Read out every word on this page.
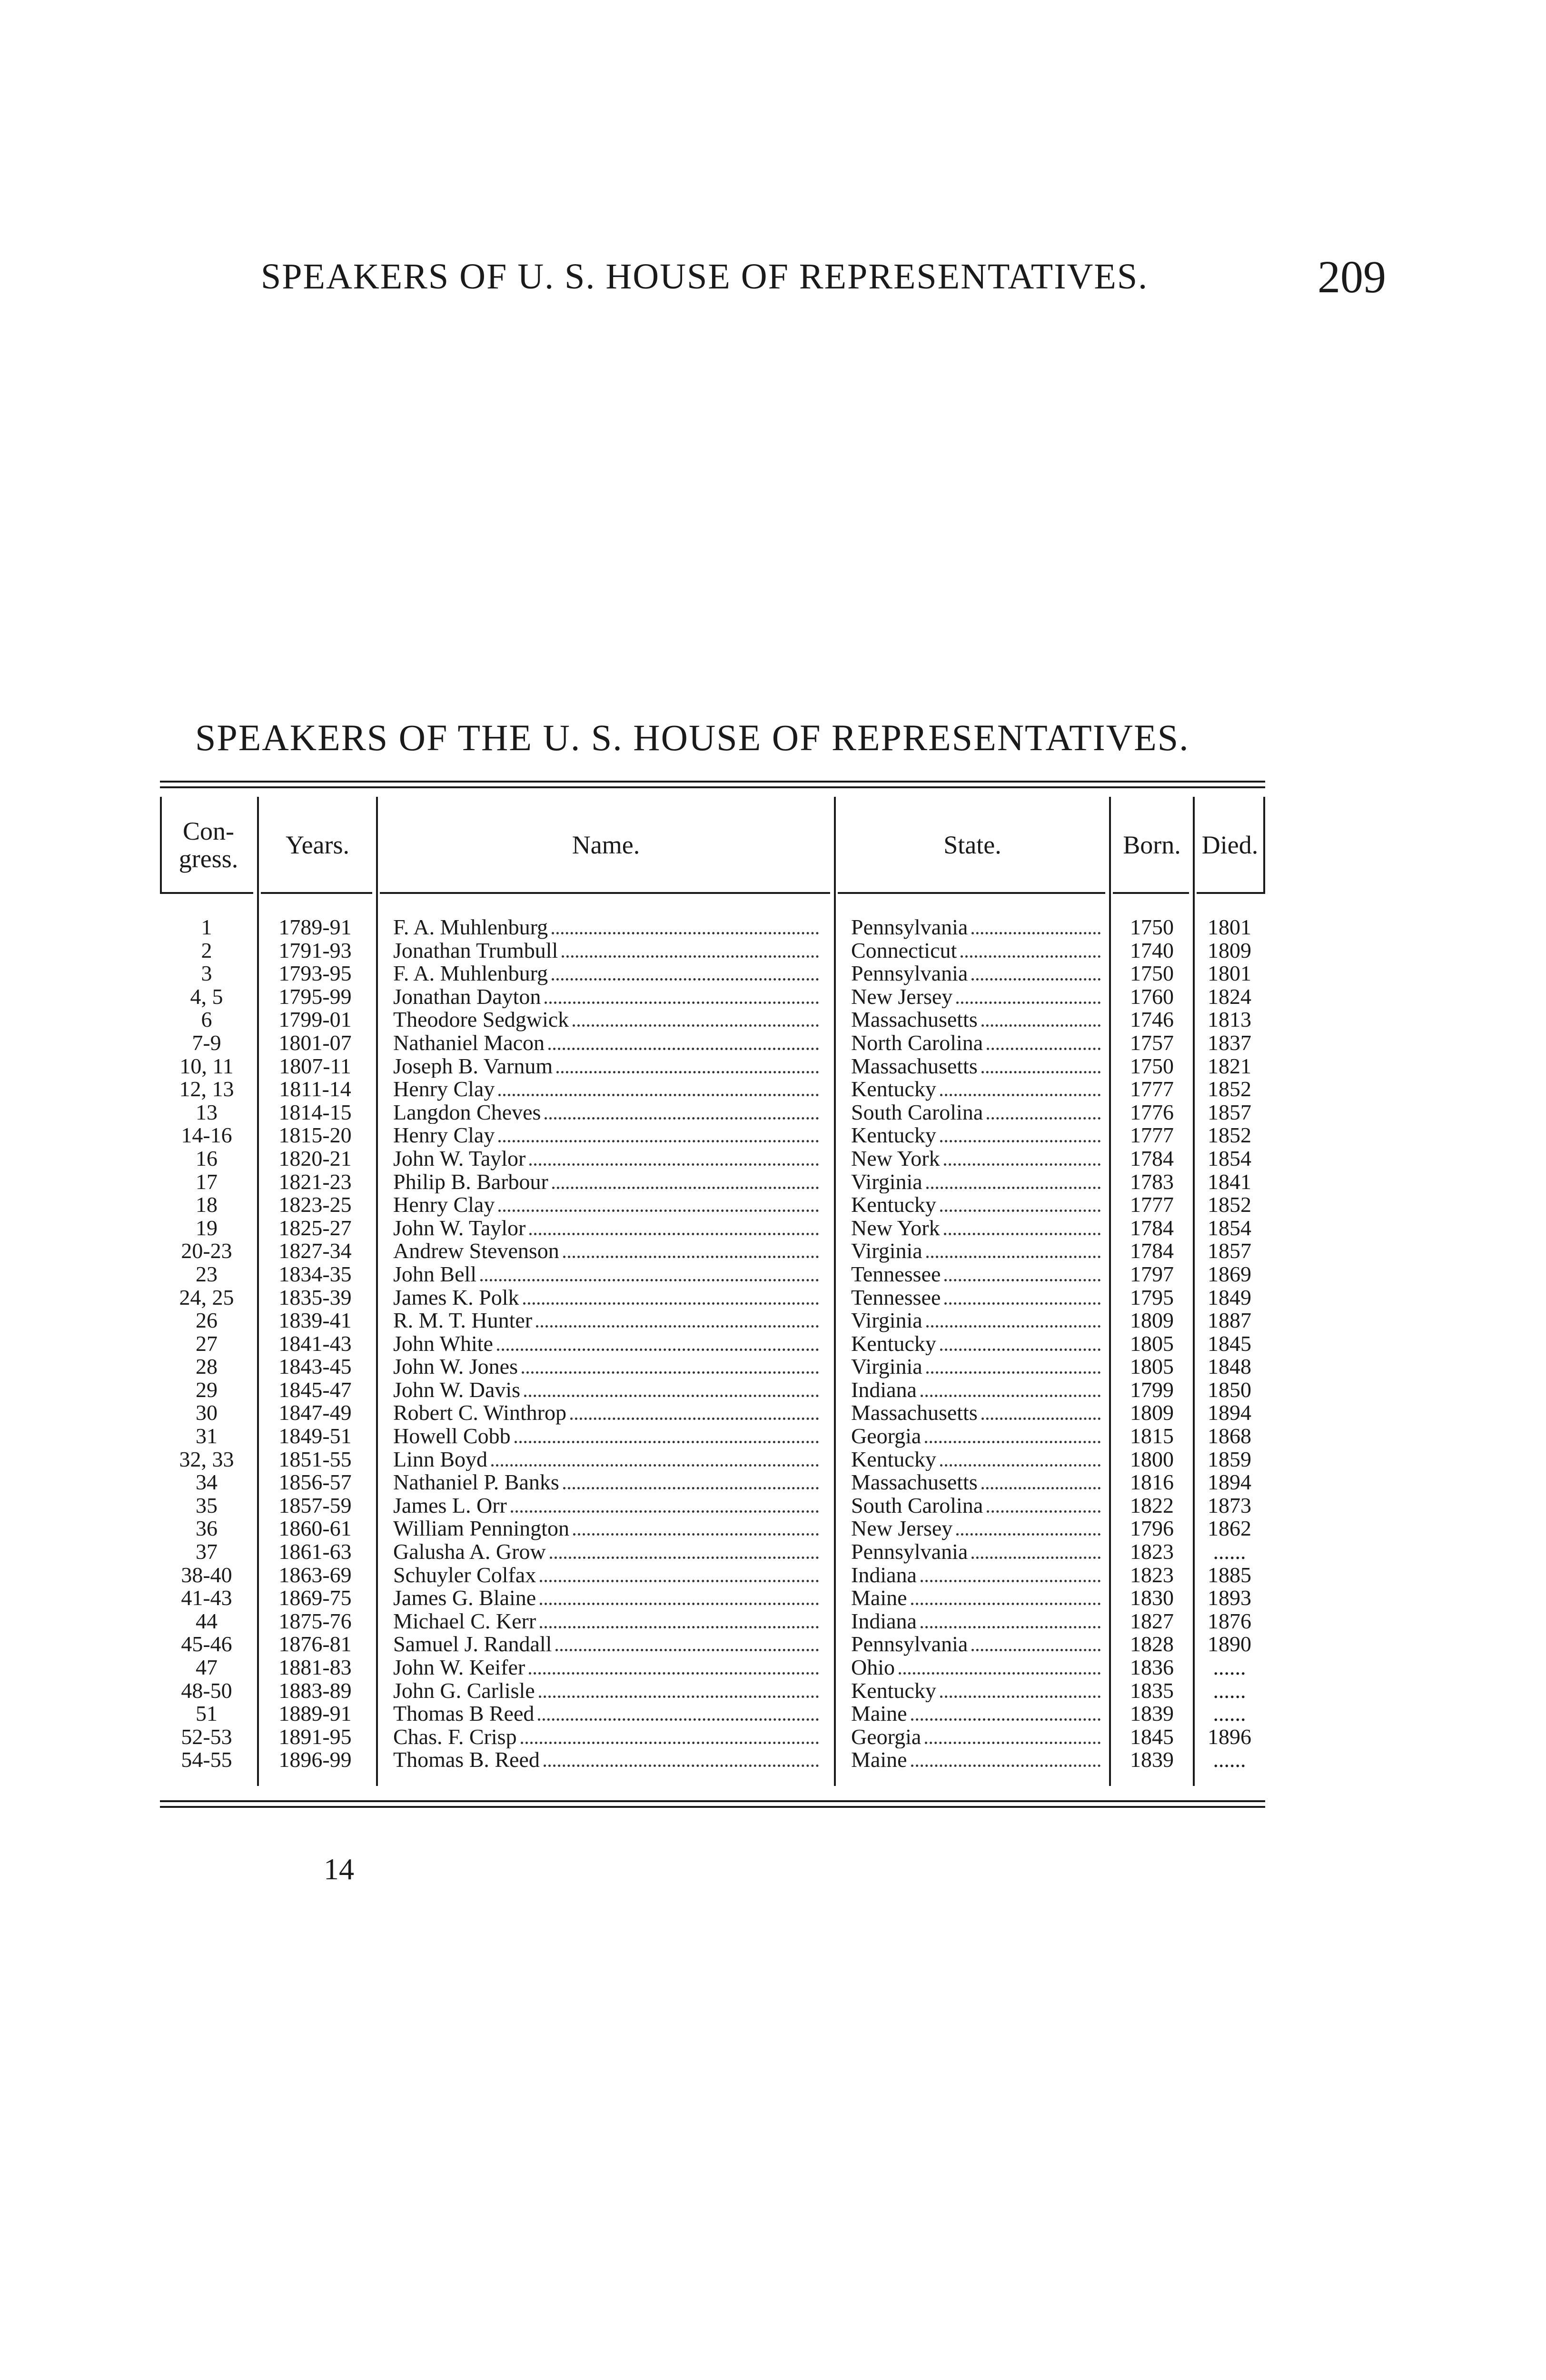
SPEAKERS OF U. S. HOUSE OF REPRESENTATIVES.	209
SPEAKERS OF THE U. S. HOUSE OF REPRESENTATIVES.
Con-
gress.	Years.	Name.	State.	Born. Died.
1	1789-91	F. A. Muhlenburg	Pennsylvania	1750	1801
2	1791-93	Jonathan Trumbull	Connecticut	1740	1809
3	1793-95	F. A. Muhlenburg	Pennsylvania	1750	1801
4, 5	1795-99	Jonathan Dayton	New Jersey	1760	1824
6	1799-01	Theodore Sedgwick	Massachusetts	1746	1813
7-9	1801-07	Nathaniel Macon	North Carolina	1757	1837
10, 11	1807-11	Joseph B. Varnum	Massachusetts	1750	1821
12, 13	1811-14	Henry Clay	Kentucky	1777	1852
13	1814-15	Langdon Cheves	South Carolina	1776	1857
14-16	1815-20	Henry Clay	Kentucky	1777	1852
16	1820-21	John W. Taylor	New York	1784	1854
17	1821-23	Philip B. Barbour	Virginia	1783	1841
18	1823-25	Henry Clay	Kentucky	1777	1852
19	1825-27	John W. Taylor	New York	1784	1854
20-23	1827-34	Andrew Stevenson	Virginia	1784	1857
23	1834-35	John Bell	Tennessee	1797	1869
24, 25	1835-39	James K. Polk	Tennessee	1795	1849
26	1839-41	R. M. T. Hunter	Virginia	1809	1887
27	1841-43	John White	Kentucky	1805	1845
28	1843-45	John W. Jones	Virginia	1805	1848
29	1845-47	John W. Davis	Indiana	1799	1850
30	1847-49	Robert C. Winthrop	Massachusetts	1809	1894
31	1849-51	Howell Cobb	Georgia	1815	1868
32, 33	1851-55	Linn Boyd	Kentucky	1800	1859
34	1856-57	Nathaniel P. Banks	Massachusetts	1816	1894
35	1857-59	James L. Orr	South Carolina	1822	1873
36	1860-61	William Pennington	New Jersey	1796	1862
37	1861-63	Galusha A. Grow	Pennsylvania	1823	......
38-40	1863-69	Schuyler Colfax	Indiana	1823	1885
41-43	1869-75	James G. Blaine	Maine	1830	1893
44	1875-76	Michael C. Kerr	Indiana	1827	1876
45-46	1876-81	Samuel J. Randall	Pennsylvania	1828	1890
47	1881-83	John W. Keifer	Ohio	1836	......
48-50	1883-89	John G. Carlisle	Kentucky	1835	......
51	1889-91	Thomas B Reed	Maine	1839	......
52-53	1891-95	Chas. F. Crisp	Georgia	1845	1896
54-55	1896-99	Thomas B. Reed	Maine	1839	......
14
